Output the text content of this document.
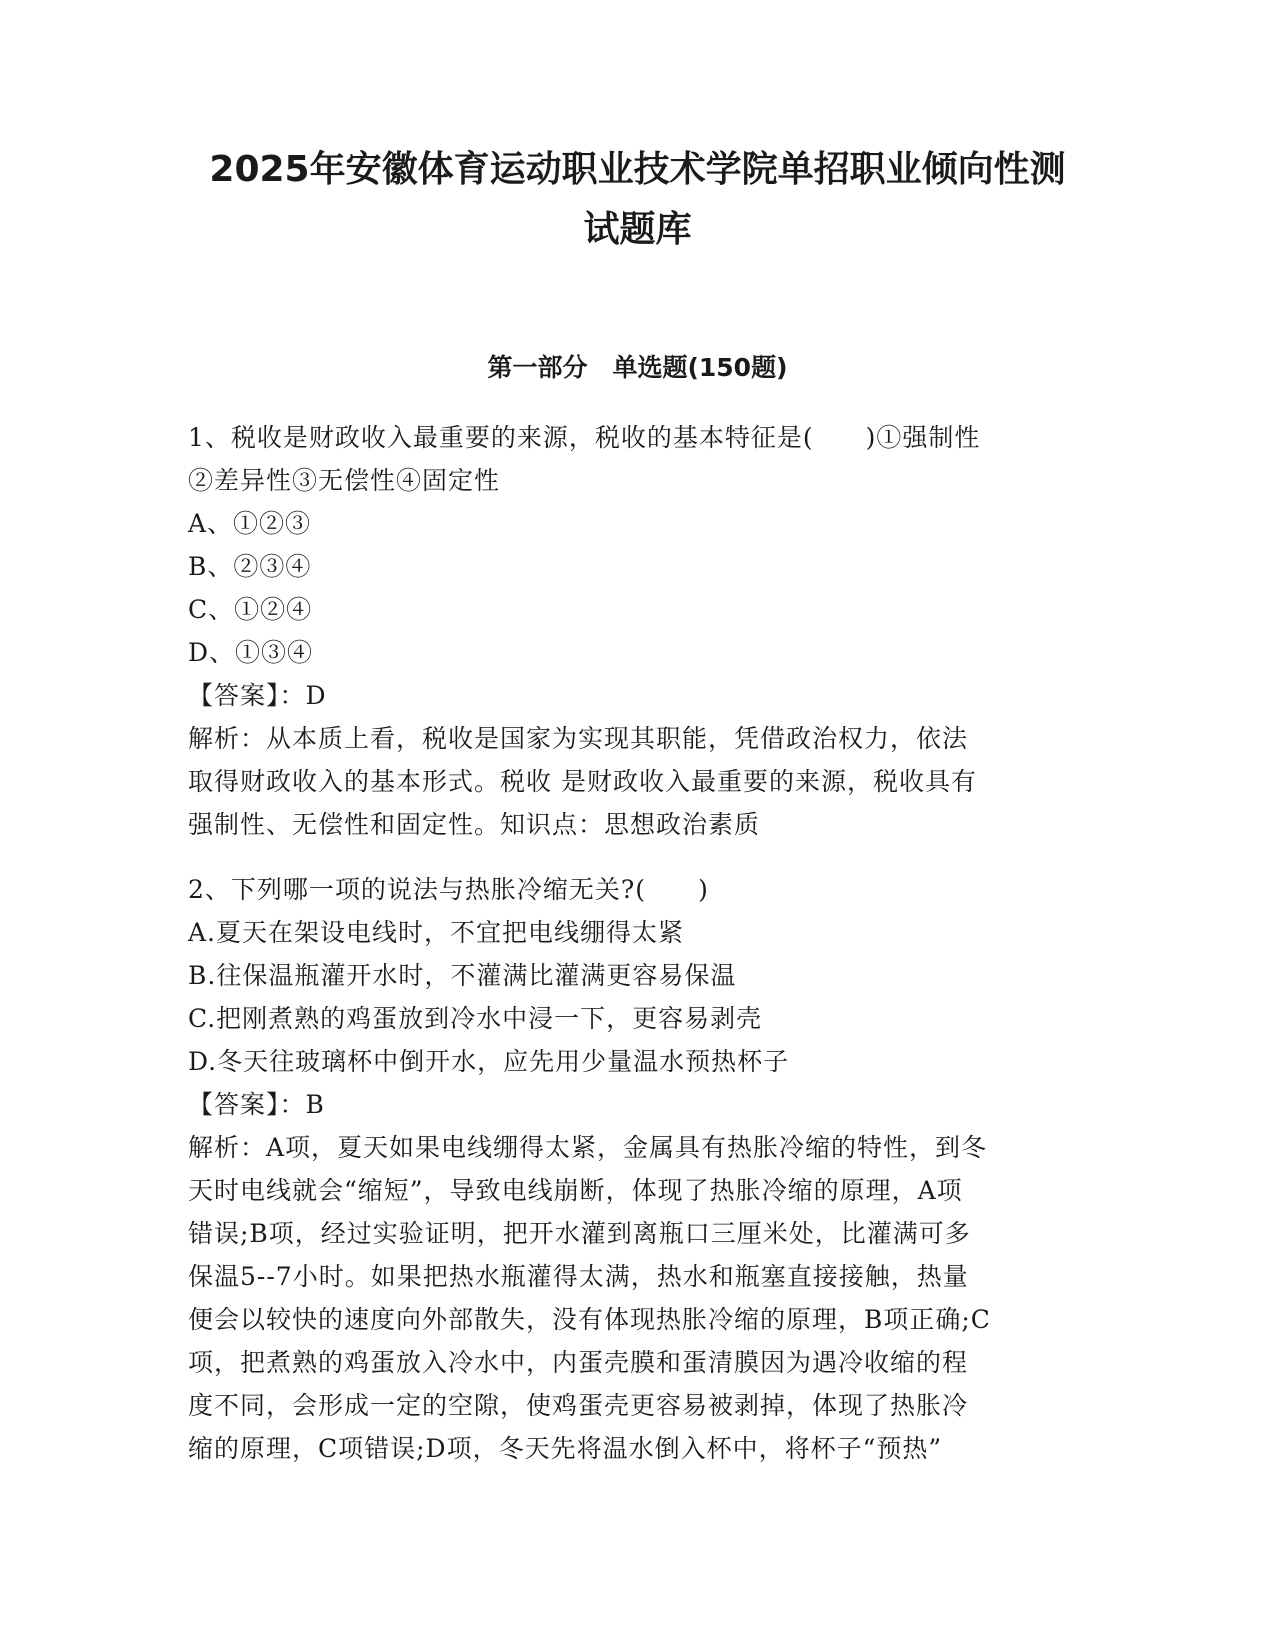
2025年安徽体育运动职业技术学院单招职业倾向性测
试题库
第一部分　单选题(150题)
1、税收是财政收入最重要的来源，税收的基本特征是(　　)①强制性
②差异性③无偿性④固定性
A、①②③
B、②③④
C、①②④
D、①③④
【答案】：D
解析：从本质上看，税收是国家为实现其职能，凭借政治权力，依法
取得财政收入的基本形式。税收 是财政收入最重要的来源，税收具有
强制性、无偿性和固定性。知识点：思想政治素质
2、下列哪一项的说法与热胀冷缩无关?(　　)
A.夏天在架设电线时，不宜把电线绷得太紧
B.往保温瓶灌开水时，不灌满比灌满更容易保温
C.把刚煮熟的鸡蛋放到冷水中浸一下，更容易剥壳
D.冬天往玻璃杯中倒开水，应先用少量温水预热杯子
【答案】：B
解析：A项，夏天如果电线绷得太紧，金属具有热胀冷缩的特性，到冬
天时电线就会“缩短”，导致电线崩断，体现了热胀冷缩的原理，A项
错误;B项，经过实验证明，把开水灌到离瓶口三厘米处，比灌满可多
保温5--7小时。如果把热水瓶灌得太满，热水和瓶塞直接接触，热量
便会以较快的速度向外部散失，没有体现热胀冷缩的原理，B项正确;C
项，把煮熟的鸡蛋放入冷水中，内蛋壳膜和蛋清膜因为遇冷收缩的程
度不同，会形成一定的空隙，使鸡蛋壳更容易被剥掉，体现了热胀冷
缩的原理，C项错误;D项，冬天先将温水倒入杯中，将杯子“预热”
